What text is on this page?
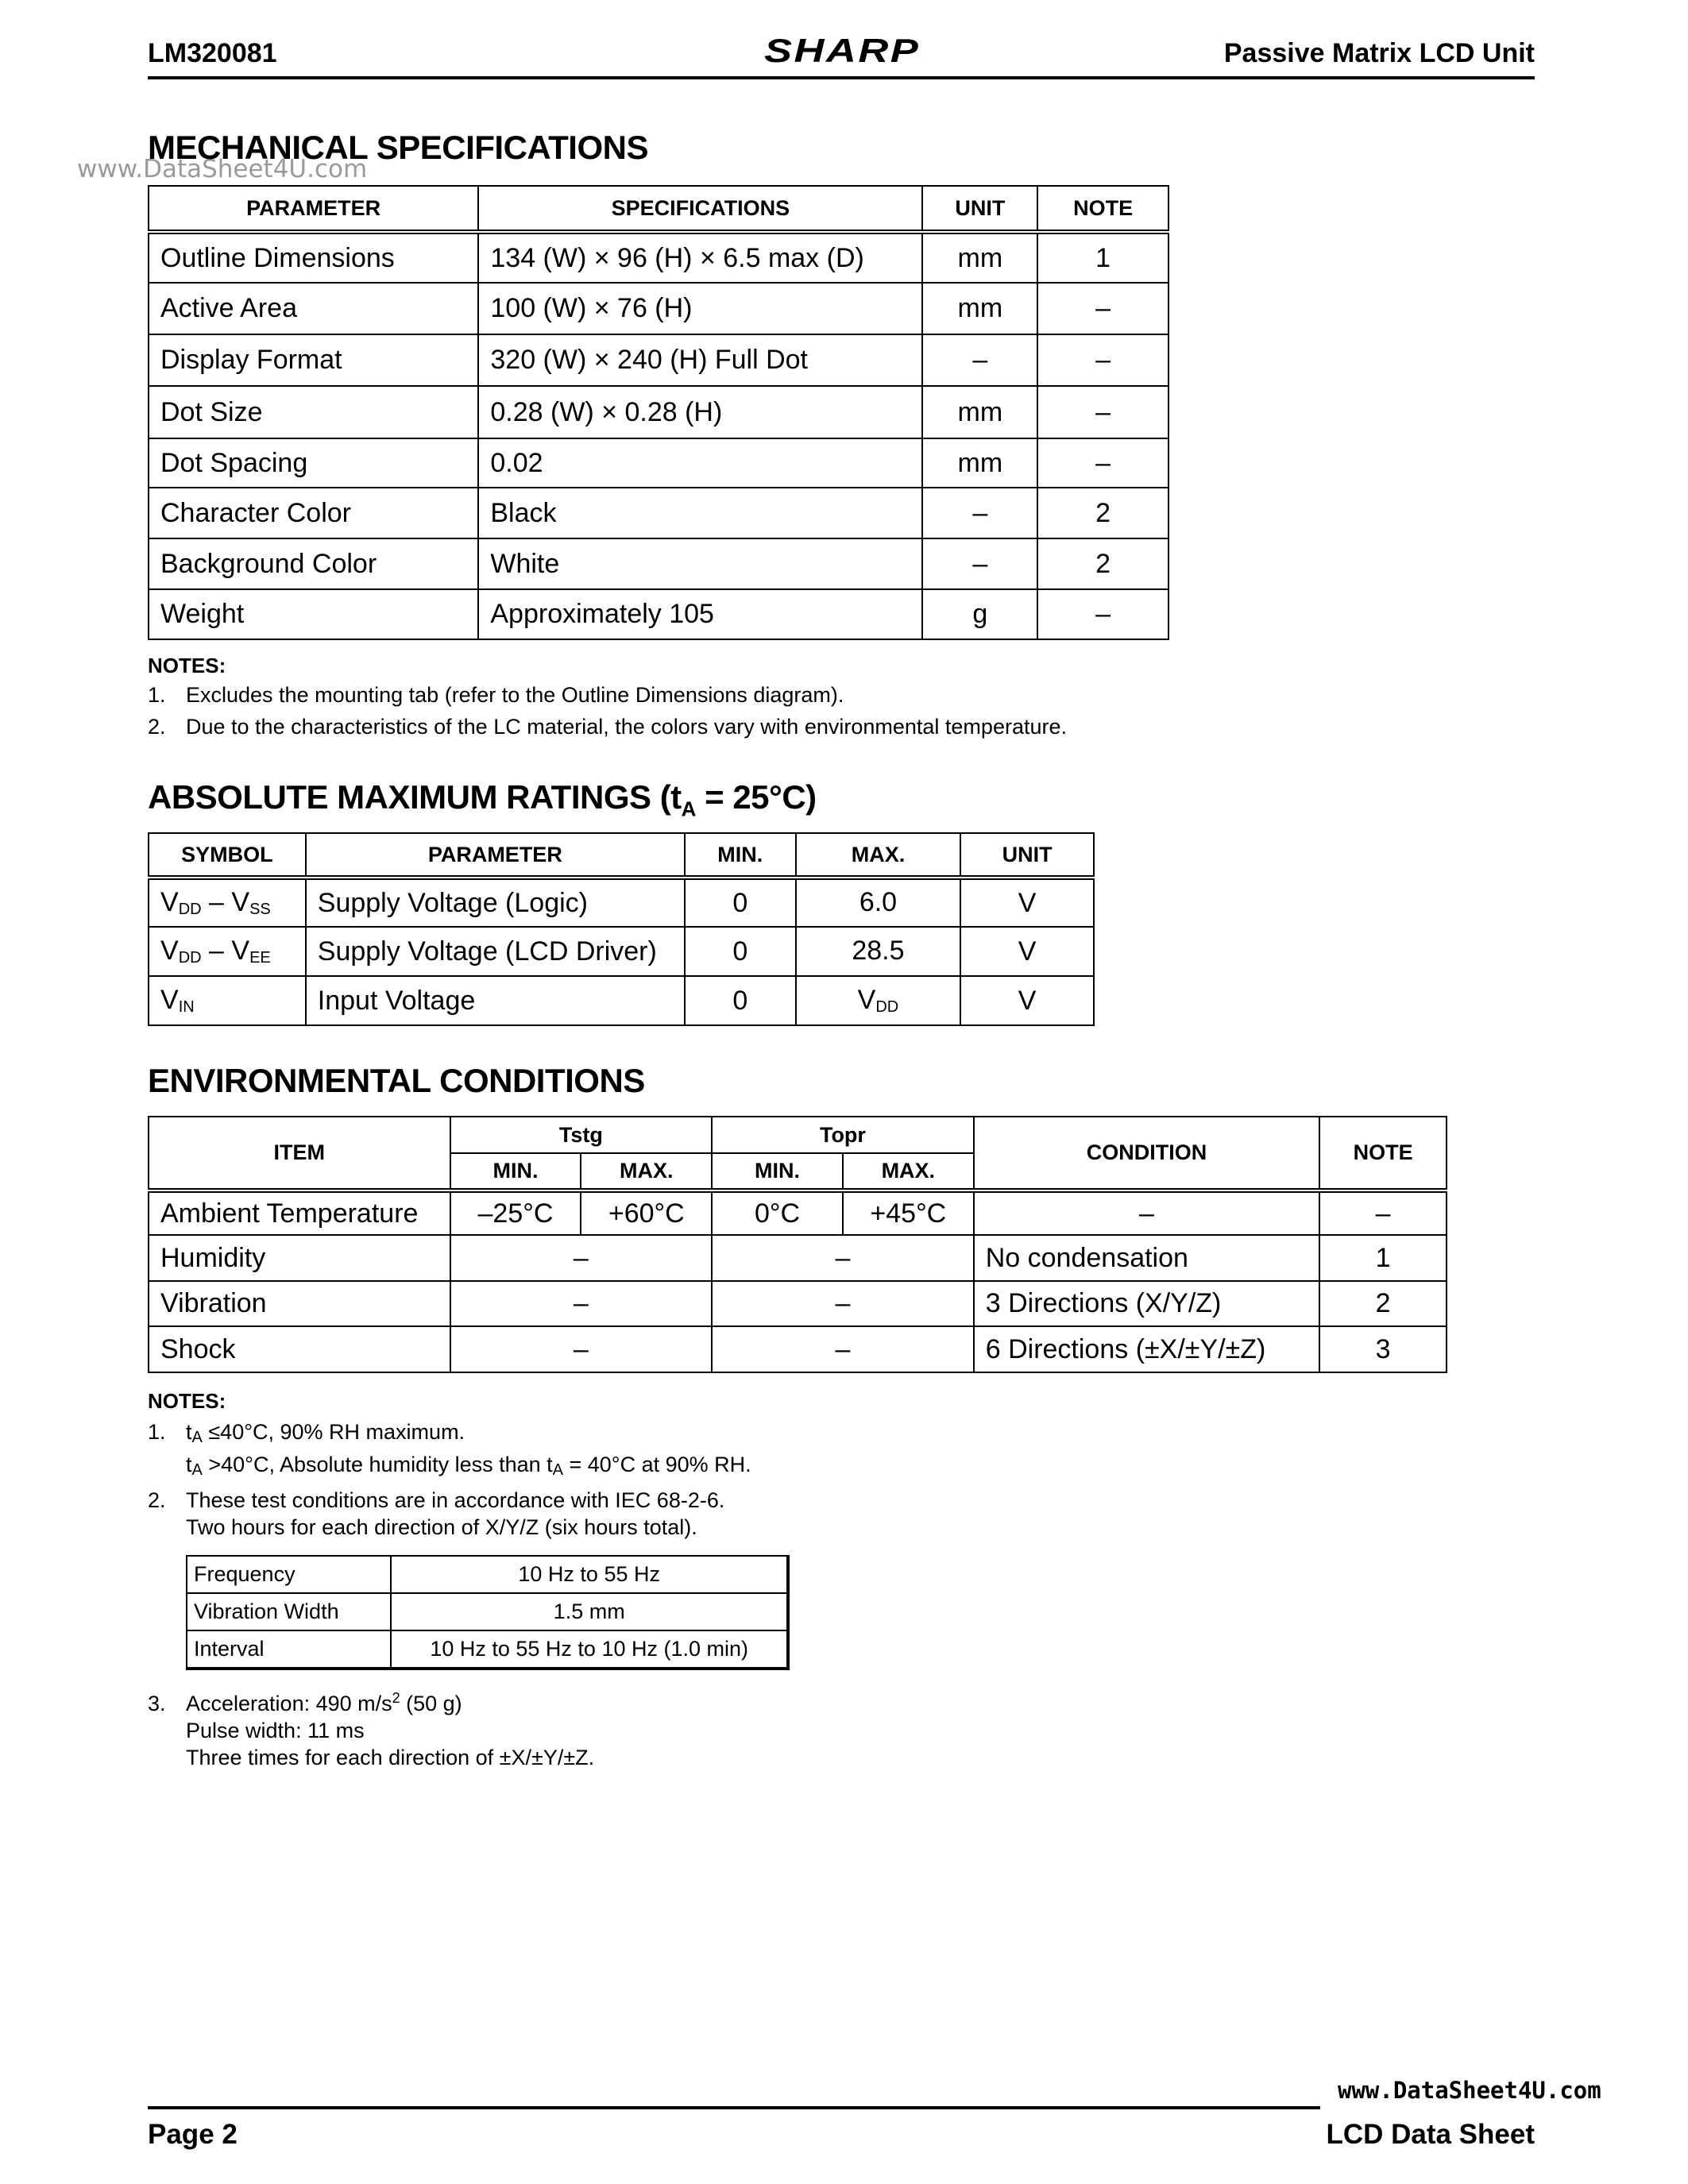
LM320081	SHARP	Passive Matrix LCD Unit
www.DataSheet4U.com
MECHANICAL SPECIFICATIONS
PARAMETER	SPECIFICATIONS	UNIT	NOTE
Outline Dimensions	134 (W) × 96 (H) × 6.5 max (D)	mm	1
Active Area	100 (W) × 76 (H)	mm	–
Display Format	320 (W) × 240 (H) Full Dot	–	–
Dot Size	0.28 (W) × 0.28 (H)	mm	–
Dot Spacing	0.02	mm	–
Character Color	Black	–	2
Background Color	White	–	2
Weight	Approximately 105	g	–
NOTES:
1. Excludes the mounting tab (refer to the Outline Dimensions diagram).
2. Due to the characteristics of the LC material, the colors vary with environmental temperature.
ABSOLUTE MAXIMUM RATINGS $(t_A = 25^\circ C)$
SYMBOL	PARAMETER	MIN.	MAX.	UNIT
$V_{DD} - V_{SS}$	Supply Voltage (Logic)	0	6.0	V
$V_{DD} - V_{EE}$	Supply Voltage (LCD Driver)	0	28.5	V
$V_{IN}$	Input Voltage	0	$V_{DD}$	V
ENVIRONMENTAL CONDITIONS
ITEM	Tstg		Topr		CONDITION	NOTE
	MIN.	MAX.	MIN.	MAX.		
Ambient Temperature	–25°C	+60°C	0°C	+45°C	–	–
Humidity	–		–		No condensation	1
Vibration	–		–		3 Directions (X/Y/Z)	2
Shock	–		–		6 Directions (±X/±Y/±Z)	3
NOTES:
1. $t_A \le 40^\circ C$, 90% RH maximum.
$t_A >40^\circ C$, Absolute humidity less than $t_A = 40^\circ C$ at 90% RH.
2. These test conditions are in accordance with IEC 68-2-6.
Two hours for each direction of X/Y/Z (six hours total).
Frequency	10 Hz to 55 Hz
Vibration Width	1.5 mm
Interval	10 Hz to 55 Hz to 10 Hz (1.0 min)
3. Acceleration: 490 $m/s^2$ (50 g)
Pulse width: 11 ms
Three times for each direction of ±X/±Y/±Z.
www.DataSheet4U.com
Page 2	LCD Data Sheet
